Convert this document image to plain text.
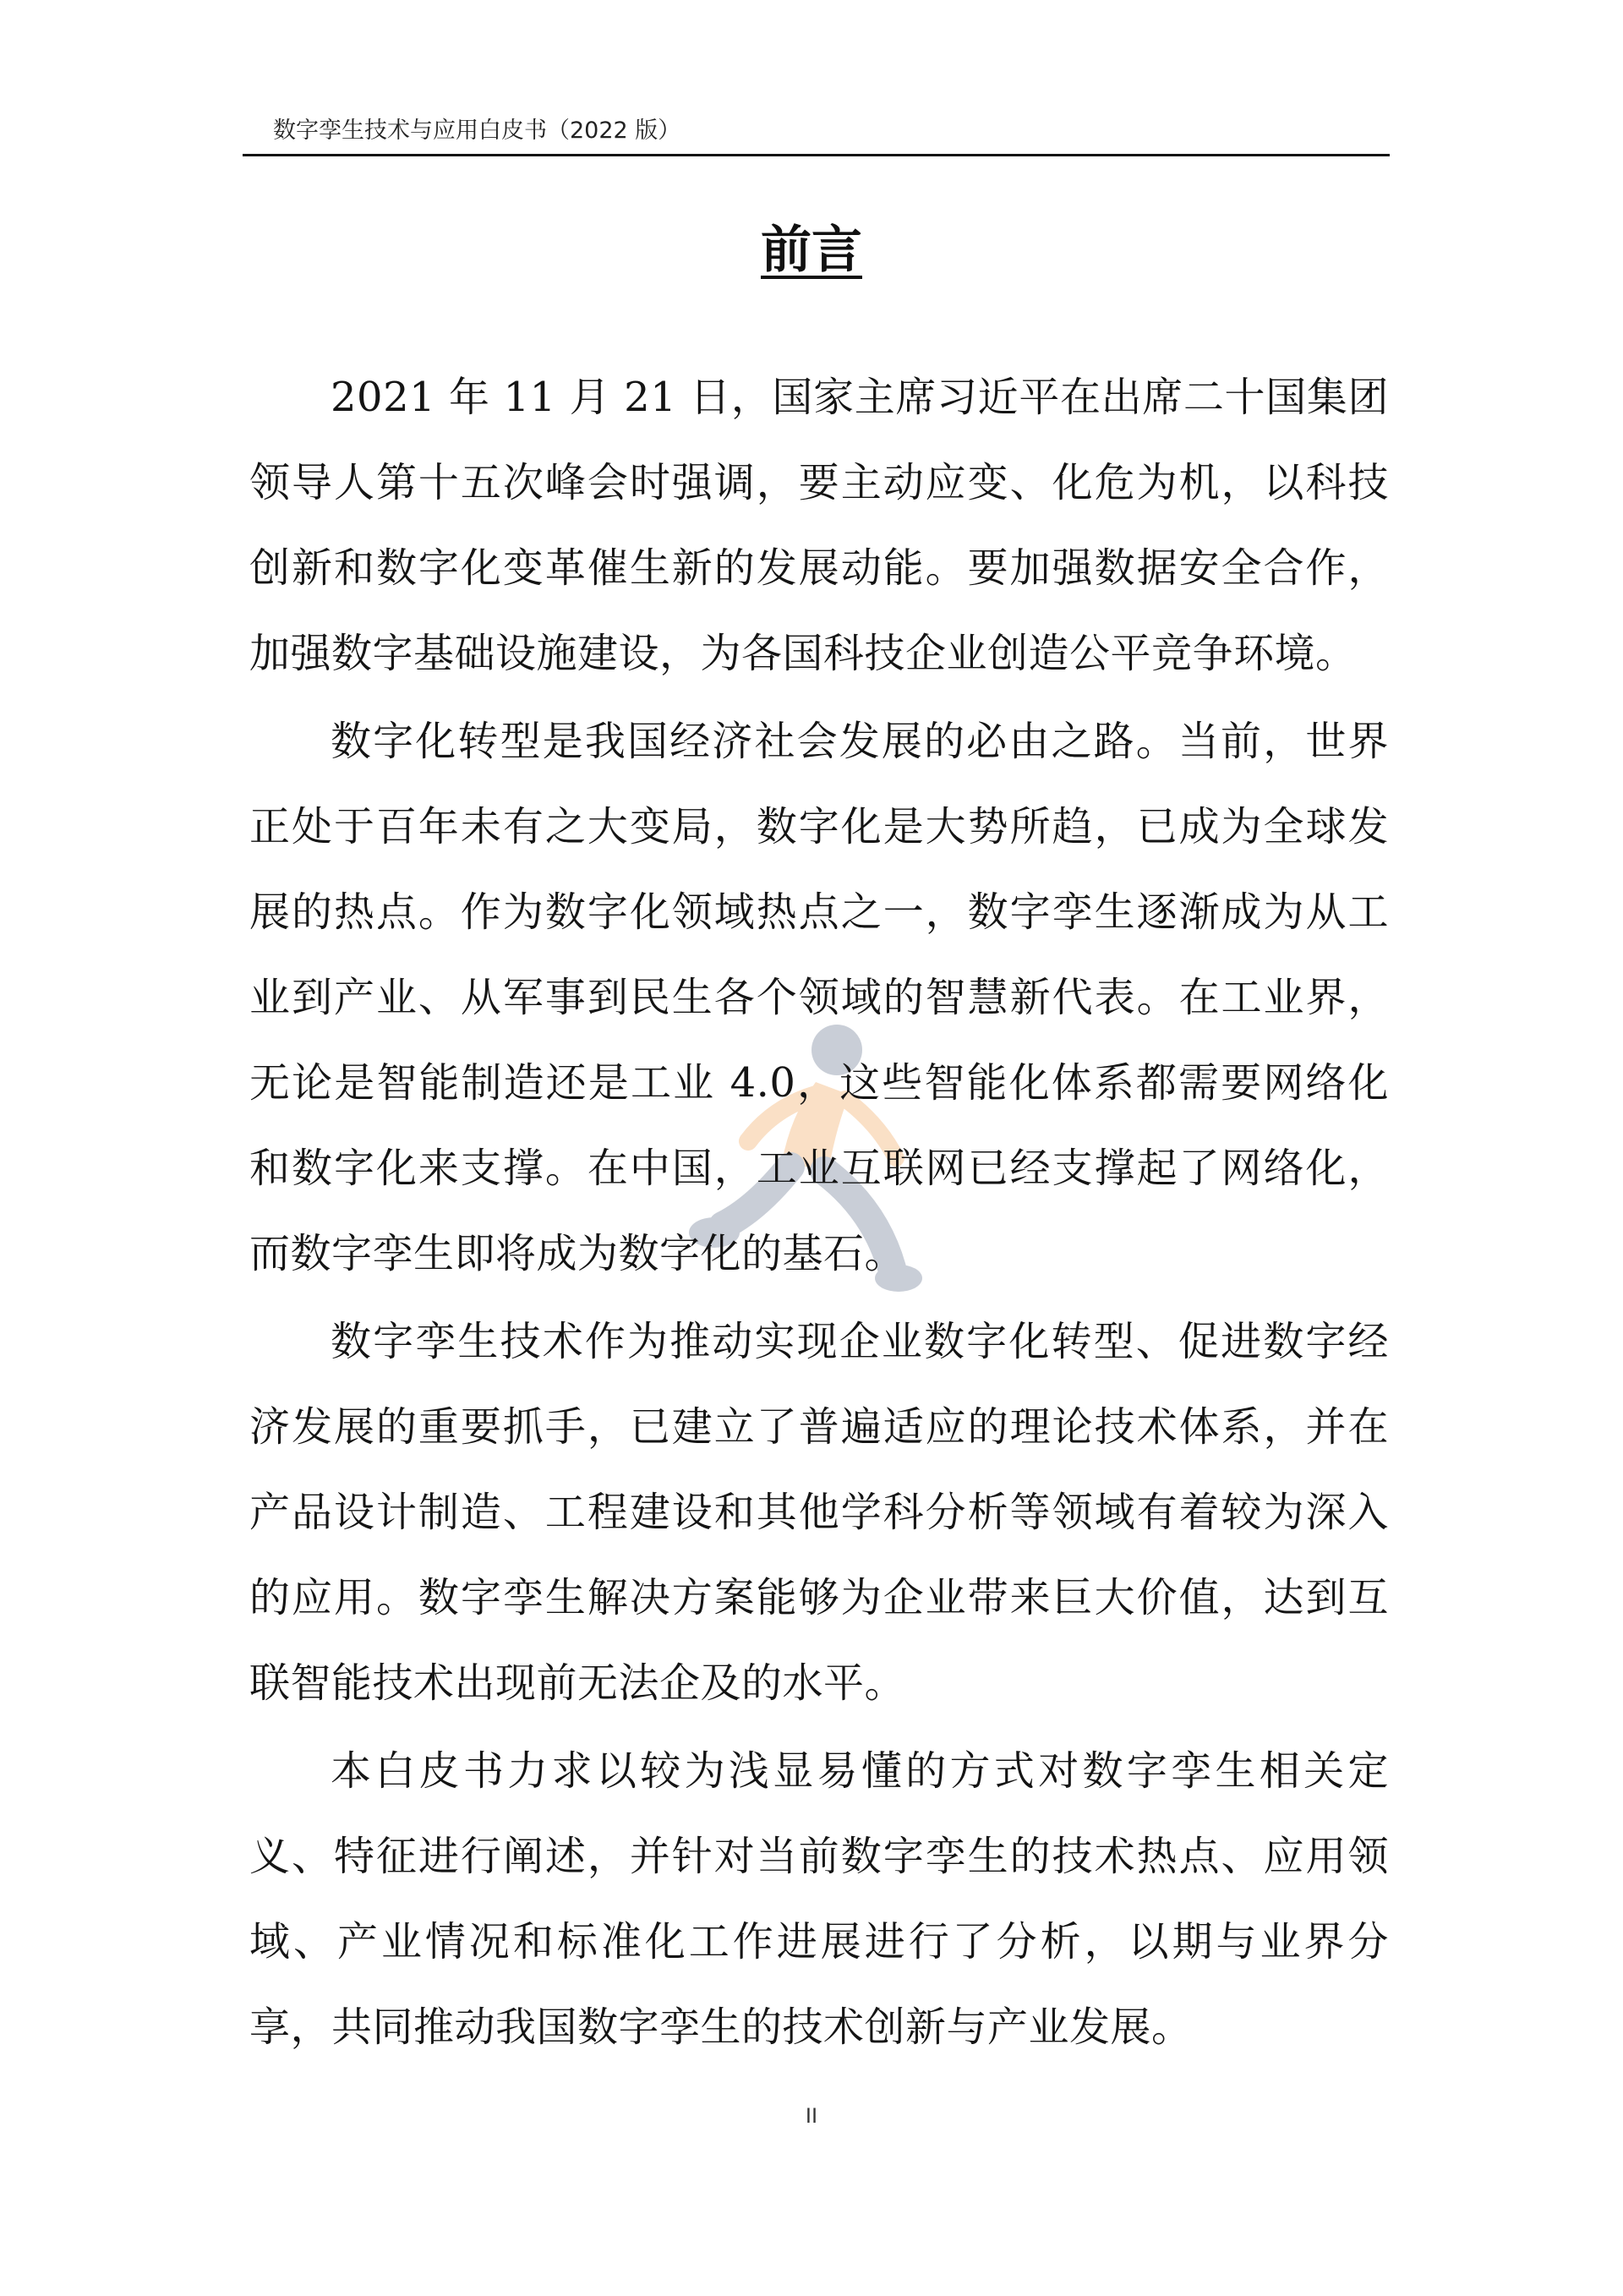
数字孪生技术与应用白皮书（2022 版）
前言

2021 年 11 月 21 日，国家主席习近平在出席二十国集团领导人第十五次峰会时强调，要主动应变、化危为机，以科技创新和数字化变革催生新的发展动能。要加强数据安全合作，加强数字基础设施建设，为各国科技企业创造公平竞争环境。

数字化转型是我国经济社会发展的必由之路。当前，世界正处于百年未有之大变局，数字化是大势所趋，已成为全球发展的热点。作为数字化领域热点之一，数字孪生逐渐成为从工业到产业、从军事到民生各个领域的智慧新代表。在工业界，无论是智能制造还是工业 4.0，这些智能化体系都需要网络化和数字化来支撑。在中国，工业互联网已经支撑起了网络化，而数字孪生即将成为数字化的基石。

数字孪生技术作为推动实现企业数字化转型、促进数字经济发展的重要抓手，已建立了普遍适应的理论技术体系，并在产品设计制造、工程建设和其他学科分析等领域有着较为深入的应用。数字孪生解决方案能够为企业带来巨大价值，达到互联智能技术出现前无法企及的水平。

本白皮书力求以较为浅显易懂的方式对数字孪生相关定义、特征进行阐述，并针对当前数字孪生的技术热点、应用领域、产业情况和标准化工作进展进行了分析，以期与业界分享，共同推动我国数字孪生的技术创新与产业发展。

II
